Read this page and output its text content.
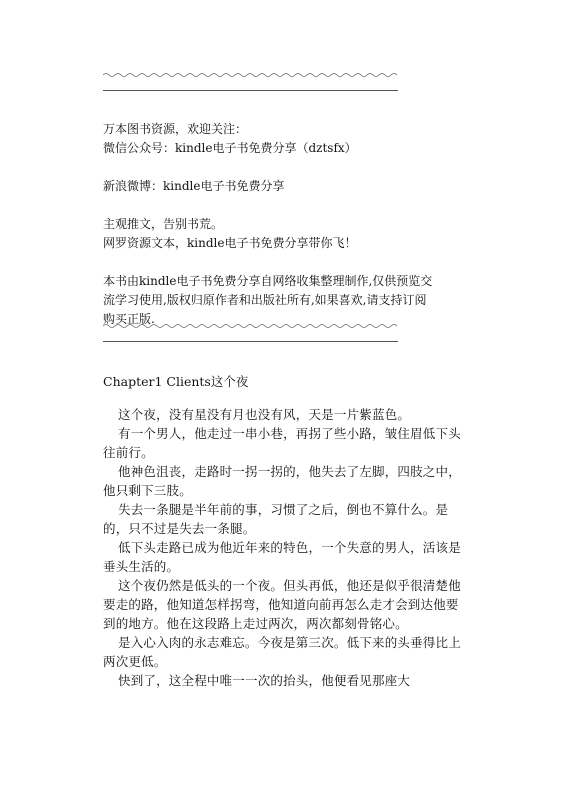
万本图书资源，欢迎关注：

微信公众号：kindle电子书免费分享（dztsfx）

新浪微博：kindle电子书免费分享

主观推文，告别书荒。

网罗资源文本，kindle电子书免费分享带你飞！

本书由kindle电子书免费分享自网络收集整理制作,仅供预览交流学习使用,版权归原作者和出版社所有,如果喜欢,请支持订阅购买正版.

Chapter1 Clients这个夜

这个夜，没有星没有月也没有风，天是一片紫蓝色。

有一个男人，他走过一串小巷，再拐了些小路，皱住眉低下头往前行。

他神色沮丧，走路时一拐一拐的，他失去了左脚，四肢之中，他只剩下三肢。

失去一条腿是半年前的事，习惯了之后，倒也不算什么。是的，只不过是失去一条腿。

低下头走路已成为他近年来的特色，一个失意的男人，活该是垂头生活的。

这个夜仍然是低头的一个夜。但头再低，他还是似乎很清楚他要走的路，他知道怎样拐弯，他知道向前再怎么走才会到达他要到的地方。他在这段路上走过两次，两次都刻骨铭心。

是入心入肉的永志难忘。今夜是第三次。低下来的头垂得比上两次更低。

快到了，这全程中唯一一次的抬头，他便看见那座大
